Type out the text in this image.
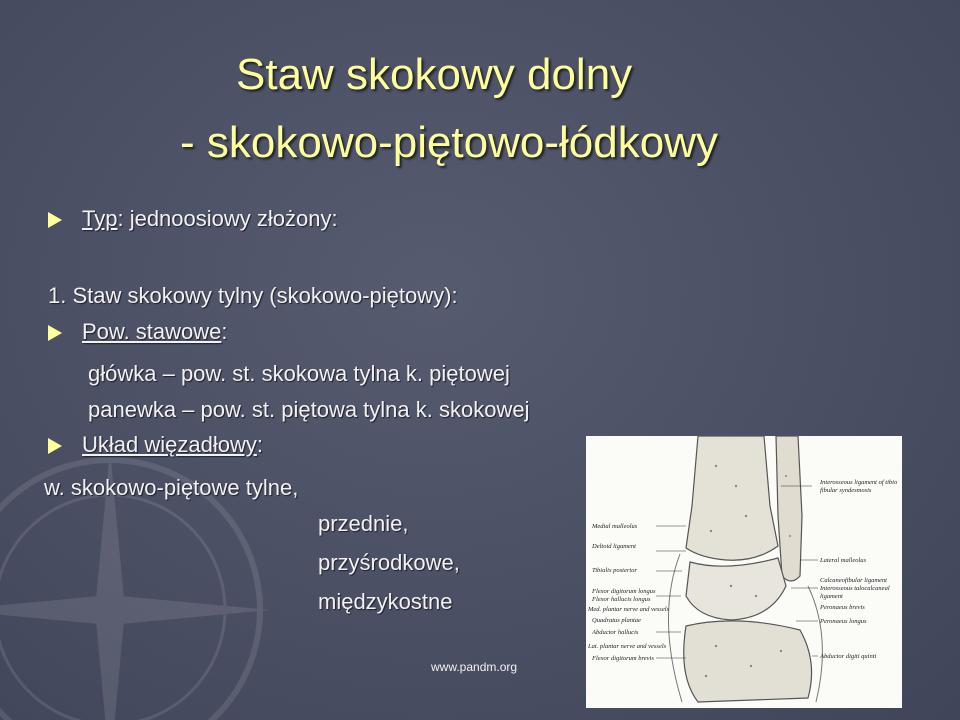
Staw skokowy dolny
- skokowo-piętowo-łódkowy
Typ: jednoosiowy złożony:
1. Staw skokowy tylny (skokowo-piętowy):
Pow. stawowe:
główka – pow. st. skokowa tylna k. piętowej
panewka – pow. st. piętowa tylna k. skokowej
Układ więzadłowy:
w. skokowo-piętowe tylne,
przednie,
przyśrodkowe,
międzykostne
Interosseous ligament of tibio
fibular syndesmosis
Lateral malleolus
Calcaneofibular ligament
Interosseous talocalcaneal
ligament
Peronaeus brevis
Peronaeus longus
Abductor digiti quinti
Medial malleolus
Deltoid ligament
Tibialis posterior
Flexor digitorum longus
Flexor hallucis longus
Med. plantar nerve and vessels
Quadratus plantae
Abductor hallucis
Lat. plantar nerve and vessels
Flexor digitorum brevis
www.pandm.org
